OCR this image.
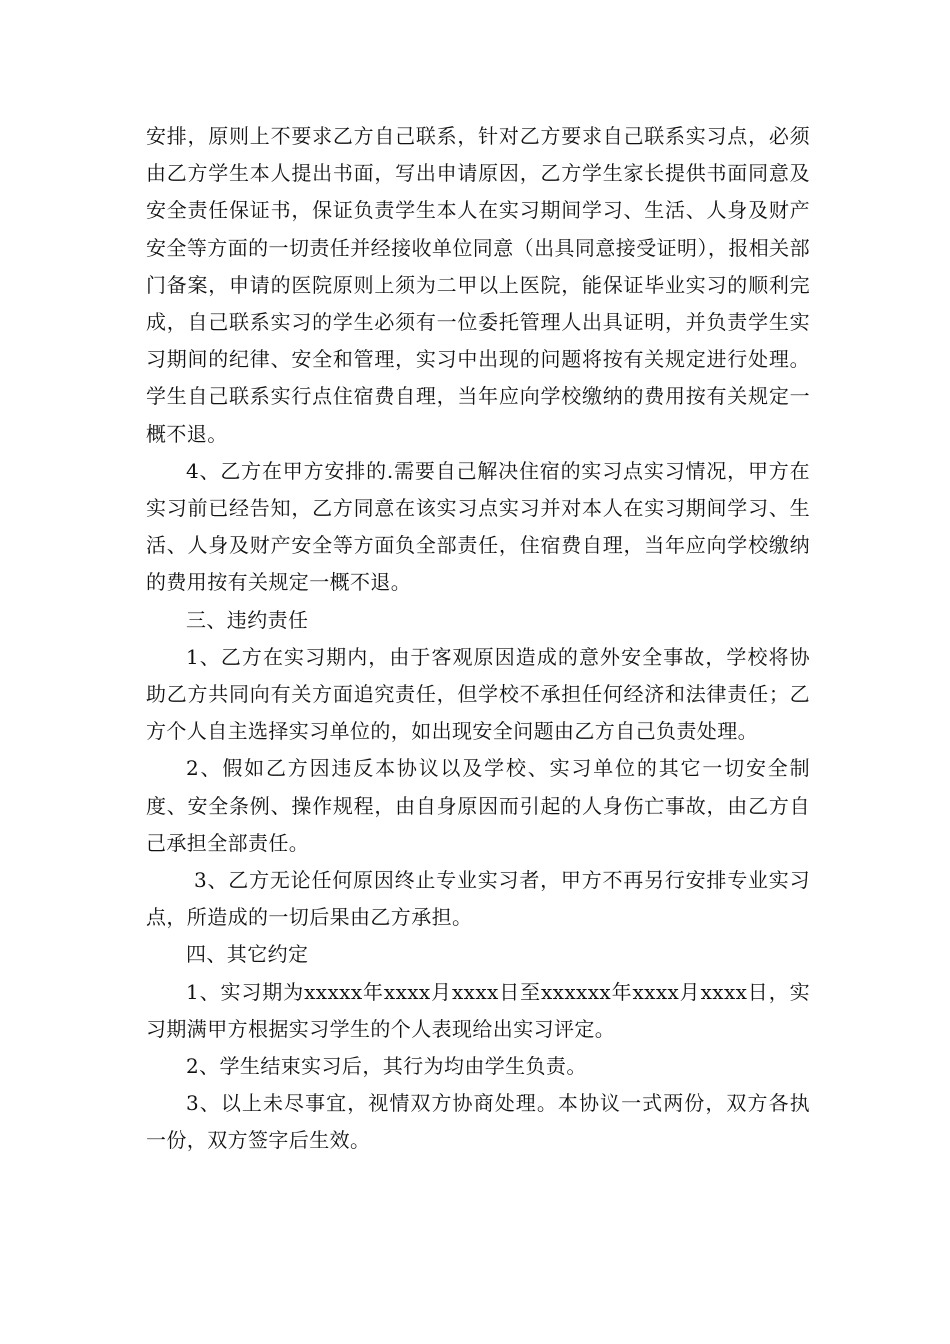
安排，原则上不要求乙方自己联系，针对乙方要求自己联系实习点，必须由乙方学生本人提出书面，写出申请原因，乙方学生家长提供书面同意及安全责任保证书，保证负责学生本人在实习期间学习、生活、人身及财产安全等方面的一切责任并经接收单位同意（出具同意接受证明），报相关部门备案，申请的医院原则上须为二甲以上医院，能保证毕业实习的顺利完成，自己联系实习的学生必须有一位委托管理人出具证明，并负责学生实习期间的纪律、安全和管理，实习中出现的问题将按有关规定进行处理。学生自己联系实行点住宿费自理，当年应向学校缴纳的费用按有关规定一概不退。

4、乙方在甲方安排的.需要自己解决住宿的实习点实习情况，甲方在实习前已经告知，乙方同意在该实习点实习并对本人在实习期间学习、生活、人身及财产安全等方面负全部责任，住宿费自理，当年应向学校缴纳的费用按有关规定一概不退。

三、违约责任

1、乙方在实习期内，由于客观原因造成的意外安全事故，学校将协助乙方共同向有关方面追究责任，但学校不承担任何经济和法律责任；乙方个人自主选择实习单位的，如出现安全问题由乙方自己负责处理。

2、假如乙方因违反本协议以及学校、实习单位的其它一切安全制度、安全条例、操作规程，由自身原因而引起的人身伤亡事故，由乙方自己承担全部责任。

3、乙方无论任何原因终止专业实习者，甲方不再另行安排专业实习点，所造成的一切后果由乙方承担。

四、其它约定

1、实习期为xxxxx年xxxx月xxxx日至xxxxxx年xxxx月xxxx日，实习期满甲方根据实习学生的个人表现给出实习评定。

2、学生结束实习后，其行为均由学生负责。

3、以上未尽事宜，视情双方协商处理。本协议一式两份，双方各执一份，双方签字后生效。
